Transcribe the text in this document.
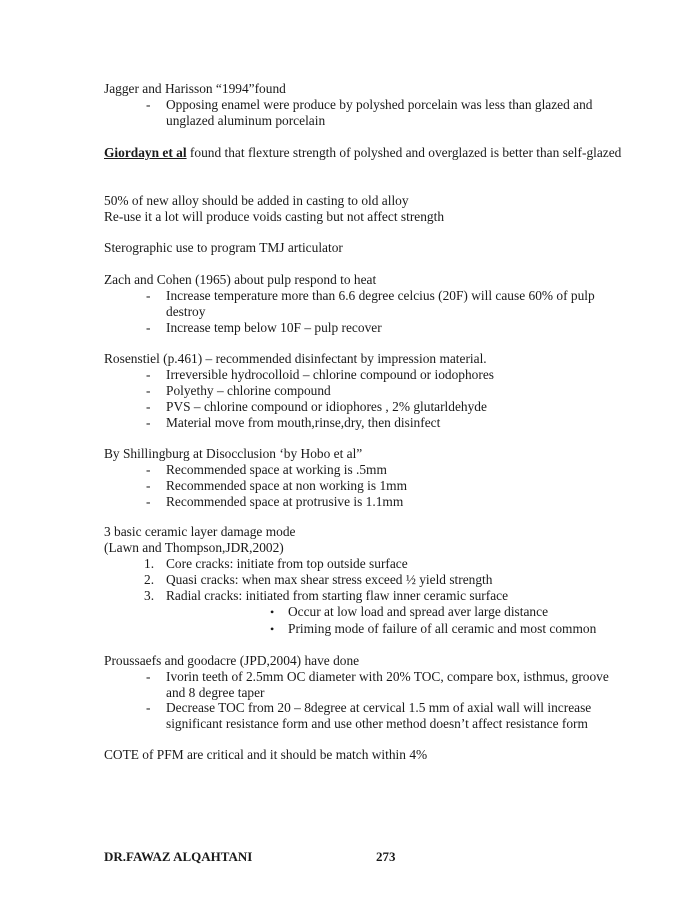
Jagger and Harisson “1994”found
- Opposing enamel were produce by polyshed porcelain was less than glazed and unglazed aluminum porcelain
Giordayn et al found that flexture strength of polyshed and overglazed is better than self-glazed
50% of new alloy should be added in casting to old alloy
Re-use it a lot will produce voids casting but not affect strength
Sterographic use to program TMJ articulator
Zach and Cohen (1965) about pulp respond to heat
- Increase temperature more than 6.6 degree celcius (20F) will cause 60% of pulp destroy
- Increase temp below 10F – pulp recover
Rosenstiel (p.461) – recommended disinfectant by impression material.
- Irreversible hydrocolloid – chlorine compound or iodophores
- Polyethy – chlorine compound
- PVS – chlorine compound or idiophores , 2% glutarldehyde
- Material move from mouth,rinse,dry, then disinfect
By Shillingburg at Disocclusion ‘by Hobo et al”
- Recommended space at working is .5mm
- Recommended space at non working is 1mm
- Recommended space at protrusive is 1.1mm
3 basic ceramic layer damage mode
(Lawn and Thompson,JDR,2002)
1. Core cracks: initiate from top outside surface
2. Quasi cracks: when max shear stress exceed ½ yield strength
3. Radial cracks: initiated from starting flaw inner ceramic surface
• Occur at low load and spread aver large distance
• Priming mode of failure of all ceramic and most common
Proussaefs and goodacre (JPD,2004) have done
- Ivorin teeth of 2.5mm OC diameter with 20% TOC, compare box, isthmus, groove and 8 degree taper
- Decrease TOC from 20 – 8degree at cervical 1.5 mm of axial wall will increase significant resistance form and use other method doesn’t affect resistance form
COTE of PFM are critical and it should be match within 4%
DR.FAWAZ ALQAHTANI	273
